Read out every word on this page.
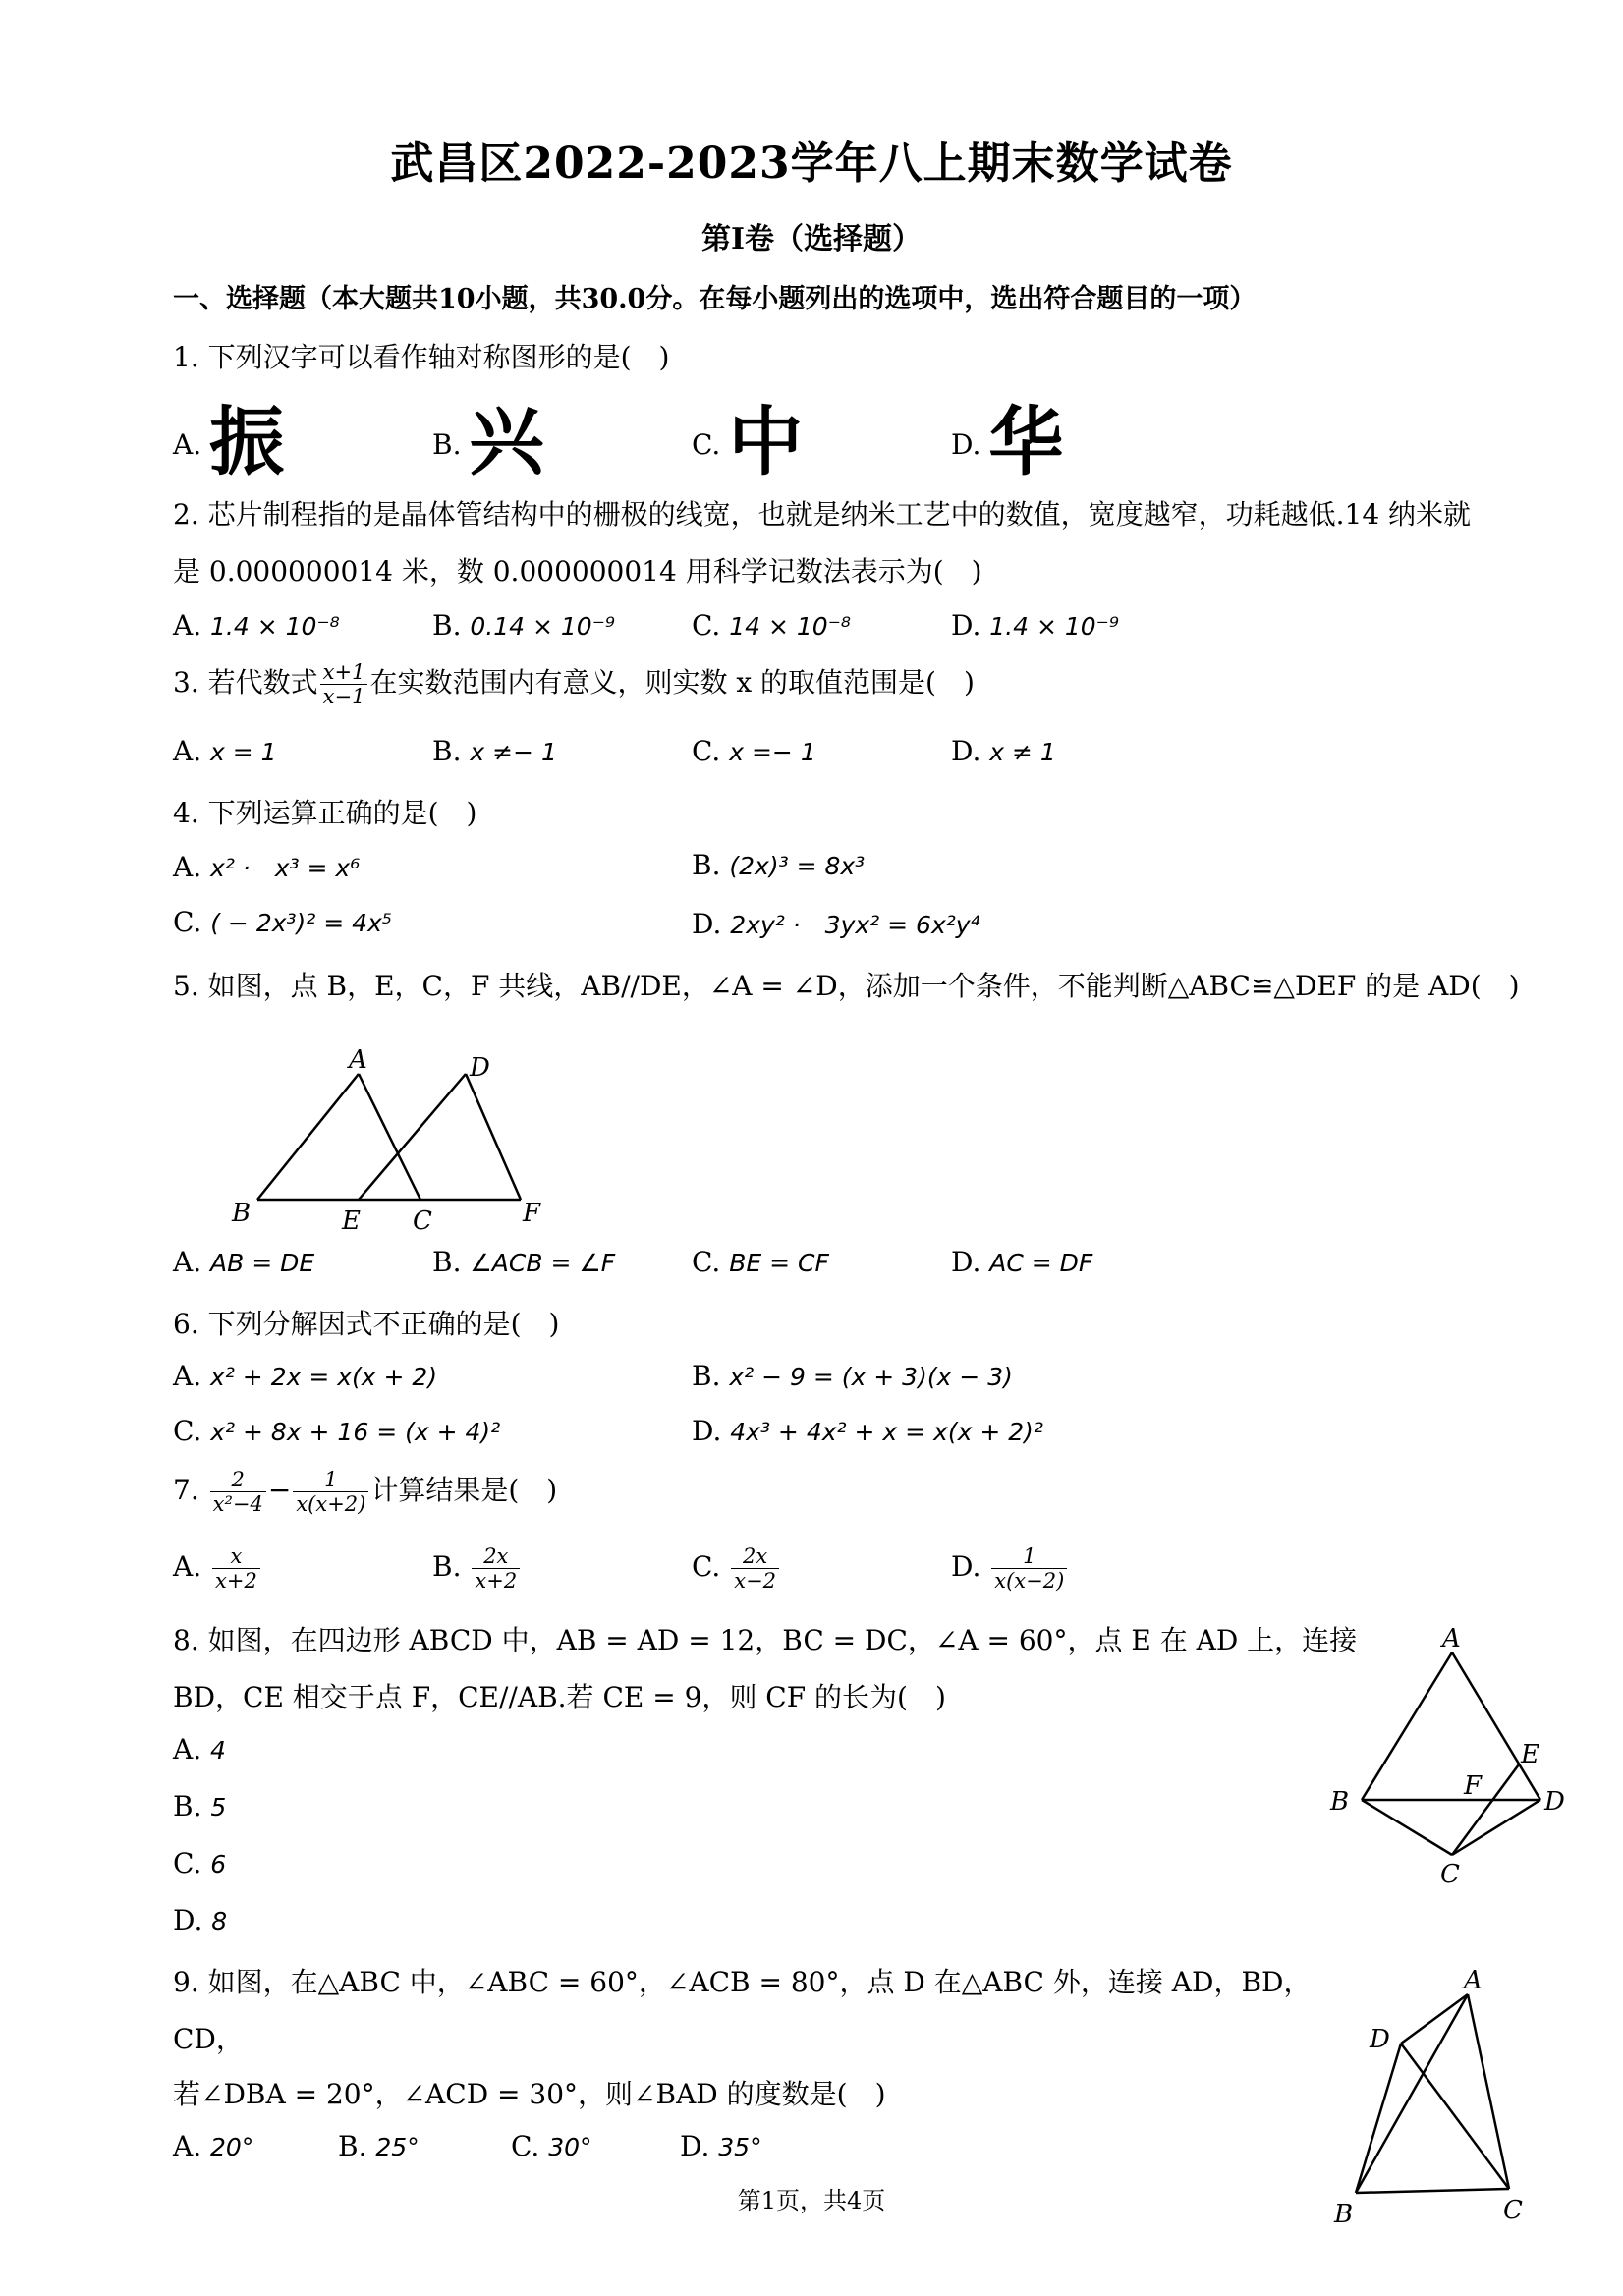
武昌区2022-2023学年八上期末数学试卷
第I卷（选择题）
一、选择题（本大题共10小题，共30.0分。在每小题列出的选项中，选出符合题目的一项）
1. 下列汉字可以看作轴对称图形的是(　)
A. 振	B. 兴	C. 中	D. 华
2. 芯片制程指的是晶体管结构中的栅极的线宽，也就是纳米工艺中的数值，宽度越窄，功耗越低.14 纳米就
是 0.000000014 米，数 0.000000014 用科学记数法表示为(　)
A. 1.4 × 10⁻⁸	B. 0.14 × 10⁻⁹	C. 14 × 10⁻⁸	D. 1.4 × 10⁻⁹
3. 若代数式 $\frac{x+1}{x-1}$ 在实数范围内有意义，则实数 x 的取值范围是(　)
A. x = 1	B. x ≠− 1	C. x =− 1	D. x ≠ 1
4. 下列运算正确的是(　)
A. x² ·　x³ = x⁶	B. (2x)³ = 8x³
C. ( − 2x³)² = 4x⁵	D. 2xy² ·　3yx² = 6x²y⁴
5. 如图，点 B，E，C，F 共线，AB//DE，∠A = ∠D，添加一个条件，不能判断△ABC≌△DEF 的是 AD(　)
A	D
B	E C	F
A. AB = DE	B. ∠ACB = ∠F	C. BE = CF	D. AC = DF
6. 下列分解因式不正确的是(　)
A. x² + 2x = x(x + 2)	B. x² − 9 = (x + 3)(x − 3)
C. x² + 8x + 16 = (x + 4)²	D. 4x³ + 4x² + x = x(x + 2)²
7. $\frac{2}{\text{x²−4}} - \frac{1}{x(x+2)}$ 计算结果是(　)
A. $\frac{x}{x+2}$	B. $\frac{2x}{x+2}$	C. $\frac{2x}{x-2}$	D. $\frac{1}{x(x-2)}$
8. 如图，在四边形 ABCD 中，AB = AD = 12，BC = DC，∠A = 60°，点 E 在 AD 上，连接
BD，CE 相交于点 F，CE//AB.若 CE = 9，则 CF 的长为(　)
A. 4
B. 5
C. 6
D. 8
A
B	D
E
F
C
9. 如图，在△ABC 中，∠ABC = 60°，∠ACB = 80°，点 D 在△ABC 外，连接 AD，BD，
CD，
若∠DBA = 20°，∠ACD = 30°，则∠BAD 的度数是(　)
A. 20°	B. 25°	C. 30°	D. 35°
A
D
B	C
第1页，共4页
